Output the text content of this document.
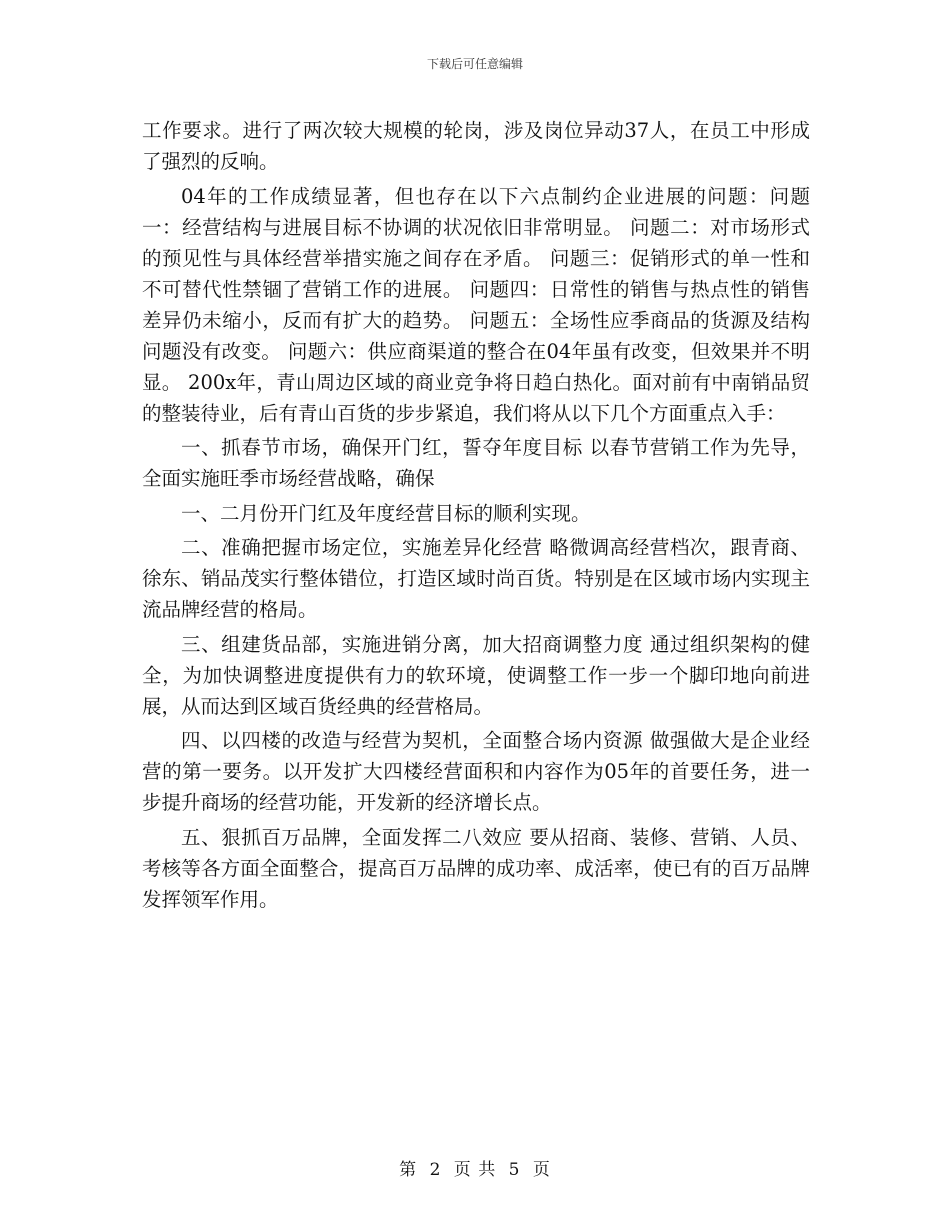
下载后可任意编辑

工作要求。进行了两次较大规模的轮岗，涉及岗位异动37人，在员工中形成了强烈的反响。

04年的工作成绩显著，但也存在以下六点制约企业进展的问题：问题一：经营结构与进展目标不协调的状况依旧非常明显。 问题二：对市场形式的预见性与具体经营举措实施之间存在矛盾。 问题三：促销形式的单一性和不可替代性禁锢了营销工作的进展。 问题四：日常性的销售与热点性的销售差异仍未缩小，反而有扩大的趋势。 问题五：全场性应季商品的货源及结构问题没有改变。 问题六：供应商渠道的整合在04年虽有改变，但效果并不明显。 200x年，青山周边区域的商业竞争将日趋白热化。面对前有中南销品贸的整装待业，后有青山百货的步步紧追，我们将从以下几个方面重点入手：

一、抓春节市场，确保开门红，誓夺年度目标 以春节营销工作为先导，全面实施旺季市场经营战略，确保

一、二月份开门红及年度经营目标的顺利实现。

二、准确把握市场定位，实施差异化经营 略微调高经营档次，跟青商、徐东、销品茂实行整体错位，打造区域时尚百货。特别是在区域市场内实现主流品牌经营的格局。

三、组建货品部，实施进销分离，加大招商调整力度 通过组织架构的健全，为加快调整进度提供有力的软环境，使调整工作一步一个脚印地向前进展，从而达到区域百货经典的经营格局。

四、以四楼的改造与经营为契机，全面整合场内资源 做强做大是企业经营的第一要务。以开发扩大四楼经营面积和内容作为05年的首要任务，进一步提升商场的经营功能，开发新的经济增长点。

五、狠抓百万品牌，全面发挥二八效应 要从招商、装修、营销、人员、考核等各方面全面整合，提高百万品牌的成功率、成活率，使已有的百万品牌发挥领军作用。

第 2 页 共 5 页
